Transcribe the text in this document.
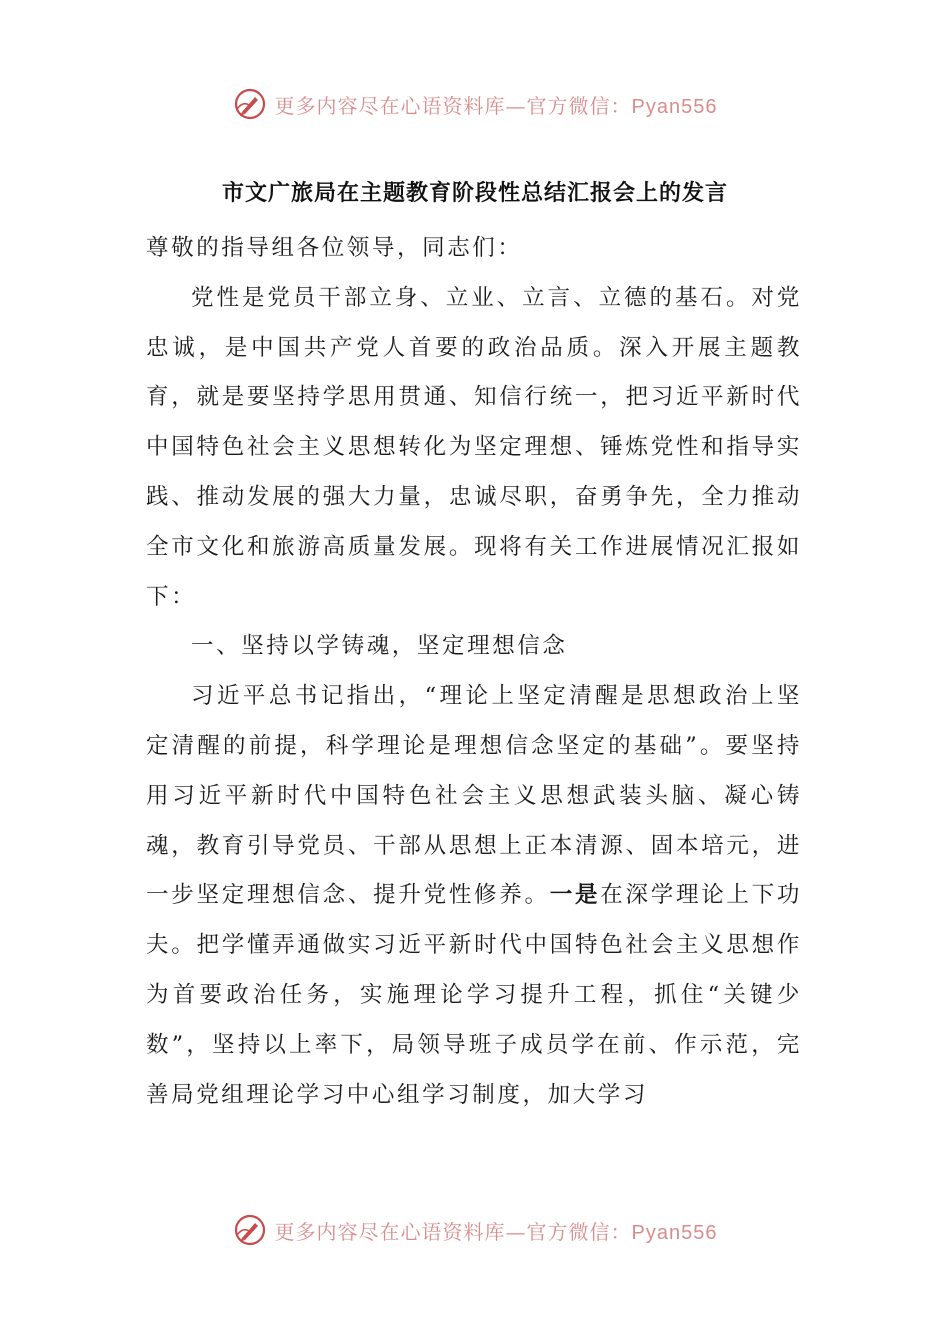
更多内容尽在心语资料库—官方微信：Pyan556
市文广旅局在主题教育阶段性总结汇报会上的发言

尊敬的指导组各位领导，同志们：

党性是党员干部立身、立业、立言、立德的基石。对党忠诚，是中国共产党人首要的政治品质。深入开展主题教育，就是要坚持学思用贯通、知信行统一，把习近平新时代中国特色社会主义思想转化为坚定理想、锤炼党性和指导实践、推动发展的强大力量，忠诚尽职，奋勇争先，全力推动全市文化和旅游高质量发展。现将有关工作进展情况汇报如下：

一、坚持以学铸魂，坚定理想信念

习近平总书记指出，“理论上坚定清醒是思想政治上坚定清醒的前提，科学理论是理想信念坚定的基础”。要坚持用习近平新时代中国特色社会主义思想武装头脑、凝心铸魂，教育引导党员、干部从思想上正本清源、固本培元，进一步坚定理想信念、提升党性修养。一是在深学理论上下功夫。把学懂弄通做实习近平新时代中国特色社会主义思想作为首要政治任务，实施理论学习提升工程，抓住“关键少数”，坚持以上率下，局领导班子成员学在前、作示范，完善局党组理论学习中心组学习制度，加大学习

更多内容尽在心语资料库—官方微信：Pyan556
